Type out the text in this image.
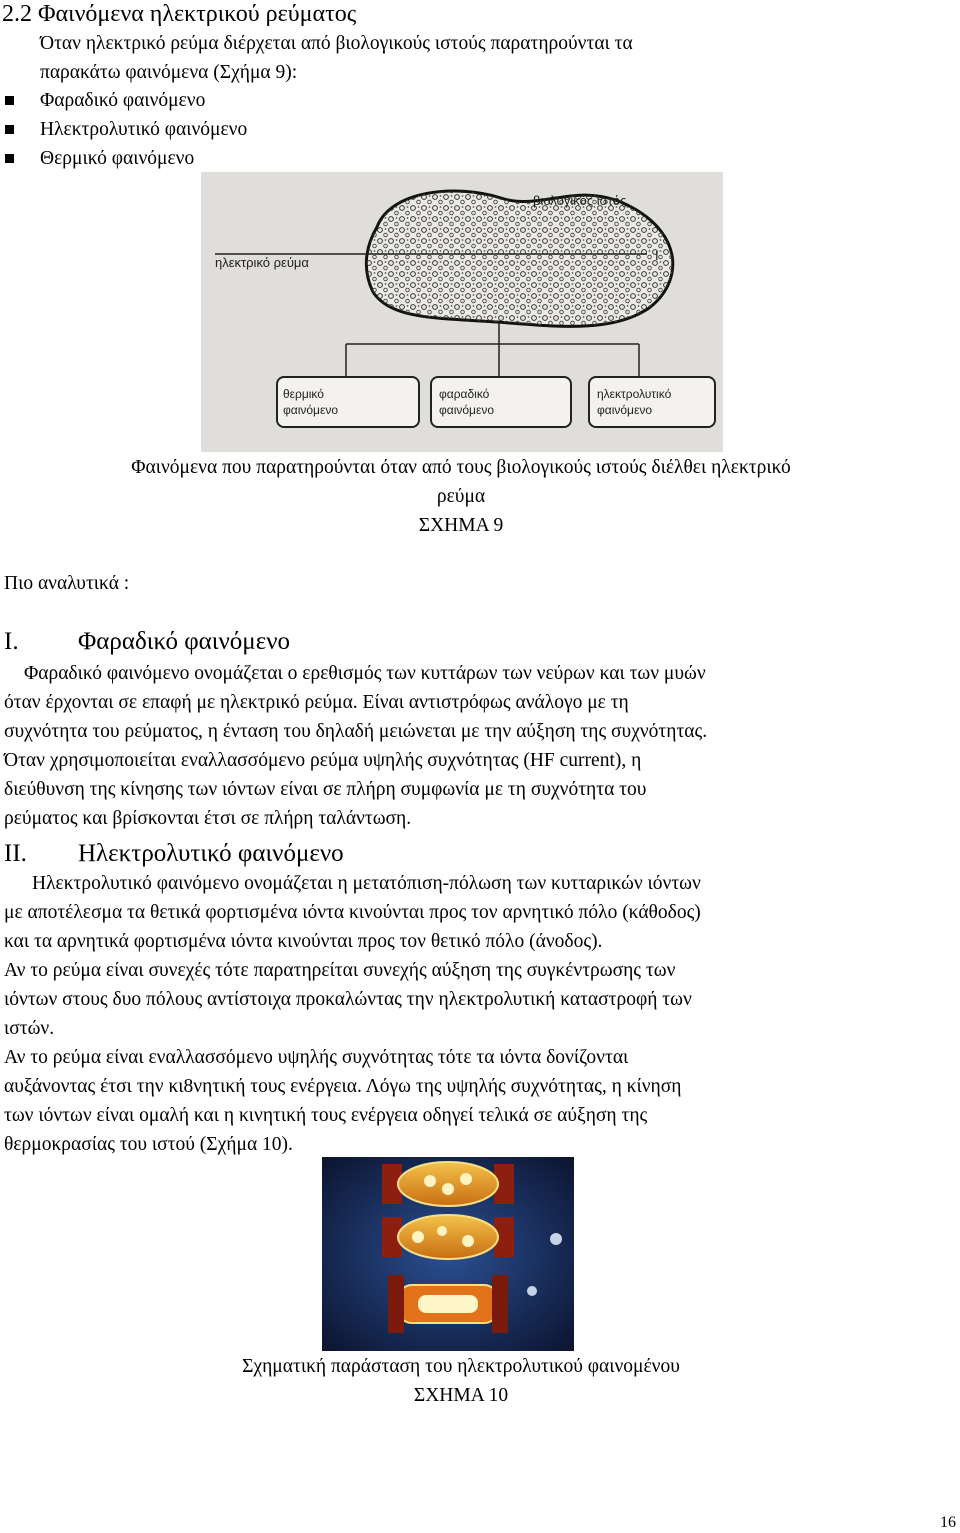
2.2 Φαινόμενα ηλεκτρικού ρεύματος
Όταν ηλεκτρικό ρεύμα διέρχεται από βιολογικούς ιστούς παρατηρούνται τα
παρακάτω φαινόμενα (Σχήμα 9):
Φαραδικό φαινόμενο
Ηλεκτρολυτικό φαινόμενο
Θερμικό φαινόμενο
βιολογικός ιστός
ηλεκτρικό ρεύμα	I
θερμικό
φαινόμενο
φαραδικό
φαινόμενο
ηλεκτρολυτικό
φαινόμενο
Φαινόμενα που παρατηρούνται όταν από τους βιολογικούς ιστούς διέλθει ηλεκτρικό
ρεύμα
ΣΧΗΜΑ 9
Πιο αναλυτικά :
I. Φαραδικό φαινόμενο
Φαραδικό φαινόμενο ονομάζεται ο ερεθισμός των κυττάρων των νεύρων και των μυών
όταν έρχονται σε επαφή με ηλεκτρικό ρεύμα. Είναι αντιστρόφως ανάλογο με τη
συχνότητα του ρεύματος, η ένταση του δηλαδή μειώνεται με την αύξηση της συχνότητας.
Όταν χρησιμοποιείται εναλλασσόμενο ρεύμα υψηλής συχνότητας (HF current), η
διεύθυνση της κίνησης των ιόντων είναι σε πλήρη συμφωνία με τη συχνότητα του
ρεύματος και βρίσκονται έτσι σε πλήρη ταλάντωση.
II. Ηλεκτρολυτικό φαινόμενο
Ηλεκτρολυτικό φαινόμενο ονομάζεται η μετατόπιση-πόλωση των κυτταρικών ιόντων
με αποτέλεσμα τα θετικά φορτισμένα ιόντα κινούνται προς τον αρνητικό πόλο (κάθοδος)
και τα αρνητικά φορτισμένα ιόντα κινούνται προς τον θετικό πόλο (άνοδος).
Αν το ρεύμα είναι συνεχές τότε παρατηρείται συνεχής αύξηση της συγκέντρωσης των
ιόντων στους δυο πόλους αντίστοιχα προκαλώντας την ηλεκτρολυτική καταστροφή των
ιστών.
Αν το ρεύμα είναι εναλλασσόμενο υψηλής συχνότητας τότε τα ιόντα δονίζονται
αυξάνοντας έτσι την κι8νητική τους ενέργεια. Λόγω της υψηλής συχνότητας, η κίνηση
των ιόντων είναι ομαλή και η κινητική τους ενέργεια οδηγεί τελικά σε αύξηση της
θερμοκρασίας του ιστού (Σχήμα 10).
Σχηματική παράσταση του ηλεκτρολυτικού φαινομένου
ΣΧΗΜΑ 10
16
